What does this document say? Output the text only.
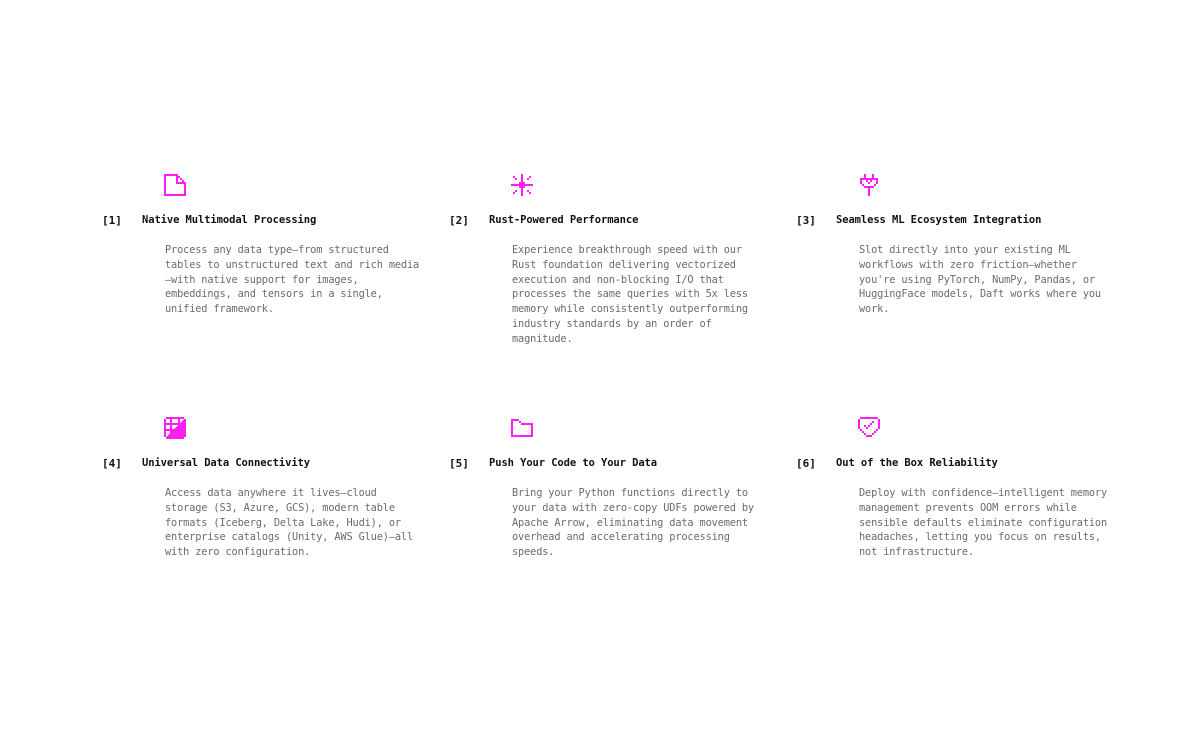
[1] Native Multimodal Processing

Process any data type—from structured tables to unstructured text and rich media—with native support for images, embeddings, and tensors in a single, unified framework.

[2] Rust-Powered Performance

Experience breakthrough speed with our Rust foundation delivering vectorized execution and non-blocking I/O that processes the same queries with 5x less memory while consistently outperforming industry standards by an order of magnitude.

[3] Seamless ML Ecosystem Integration

Slot directly into your existing ML workflows with zero friction—whether you're using PyTorch, NumPy, Pandas, or HuggingFace models, Daft works where you work.

[4] Universal Data Connectivity

Access data anywhere it lives—cloud storage (S3, Azure, GCS), modern table formats (Iceberg, Delta Lake, Hudi), or enterprise catalogs (Unity, AWS Glue)—all with zero configuration.

[5] Push Your Code to Your Data

Bring your Python functions directly to your data with zero-copy UDFs powered by Apache Arrow, eliminating data movement overhead and accelerating processing speeds.

[6] Out of the Box Reliability

Deploy with confidence—intelligent memory management prevents OOM errors while sensible defaults eliminate configuration headaches, letting you focus on results, not infrastructure.
